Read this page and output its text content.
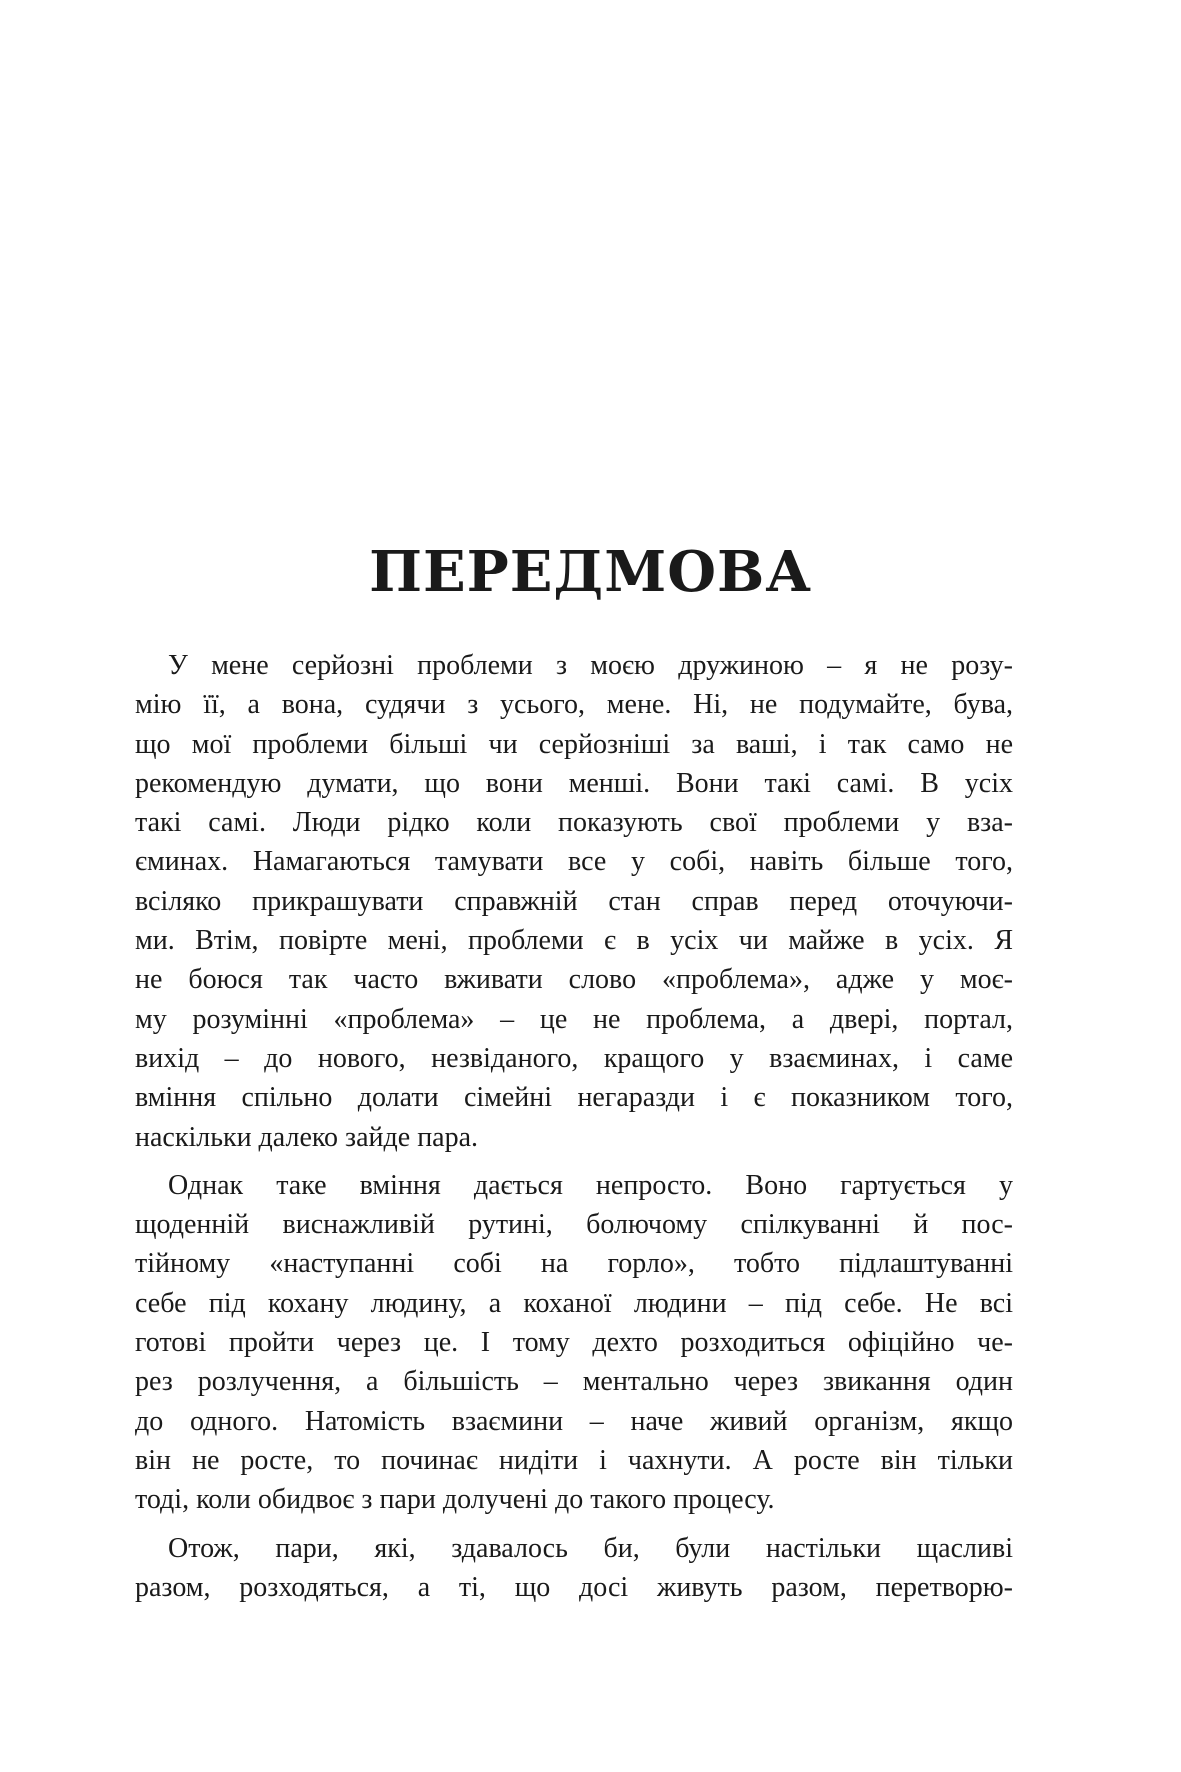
ПЕРЕДМОВА
У мене серйозні проблеми з моєю дружиною – я не розу-
мію її, а вона, судячи з усього, мене. Ні, не подумайте, бува,
що мої проблеми більші чи серйозніші за ваші, і так само не
рекомендую думати, що вони менші. Вони такі самі. В усіх
такі самі. Люди рідко коли показують свої проблеми у вза-
єминах. Намагаються тамувати все у собі, навіть більше того,
всіляко прикрашувати справжній стан справ перед оточуючи-
ми. Втім, повірте мені, проблеми є в усіх чи майже в усіх. Я
не боюся так часто вживати слово «проблема», адже у моє-
му розумінні «проблема» – це не проблема, а двері, портал,
вихід – до нового, незвіданого, кращого у взаєминах, і саме
вміння спільно долати сімейні негаразди і є показником того,
наскільки далеко зайде пара.
Однак таке вміння дається непросто. Воно гартується у
щоденній виснажливій рутині, болючому спілкуванні й пос-
тійному «наступанні собі на горло», тобто підлаштуванні
себе під кохану людину, а коханої людини – під себе. Не всі
готові пройти через це. І тому дехто розходиться офіційно че-
рез розлучення, а більшість – ментально через звикання один
до одного. Натомість взаємини – наче живий організм, якщо
він не росте, то починає нидіти і чахнути. А росте він тільки
тоді, коли обидвоє з пари долучені до такого процесу.
Отож, пари, які, здавалось би, були настільки щасливі
разом, розходяться, а ті, що досі живуть разом, перетворю-
